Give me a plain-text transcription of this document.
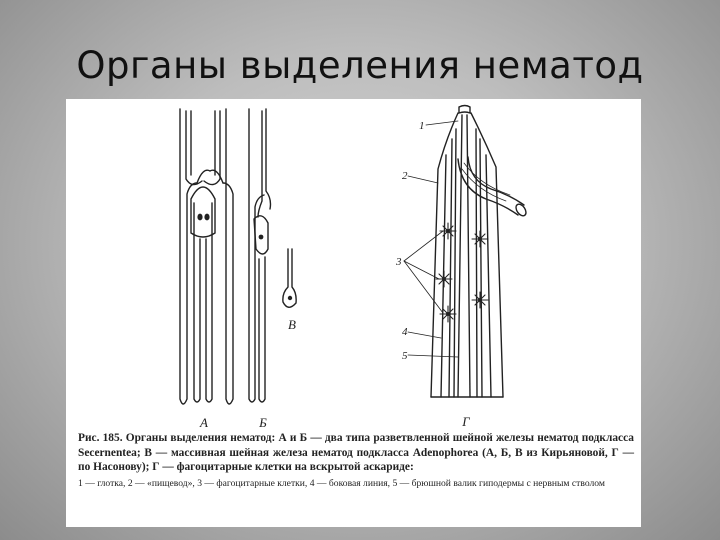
Органы выделения нематод
А	Б
В
Г
1
2
3
4
5
Рис. 185. Органы выделения нематод: А и Б — два типа разветвленной шейной железы нематод подкласса Secernentea; В — массивная шейная железа нематод подкласса Adenophorea (А, Б, В из Кирьяновой, Г — по Насонову); Г — фагоцитарные клетки на вскрытой аскариде:
1 — глотка, 2 — «пищевод», 3 — фагоцитарные клетки, 4 — боковая линия, 5 — брюшной валик гиподермы с нервным стволом
